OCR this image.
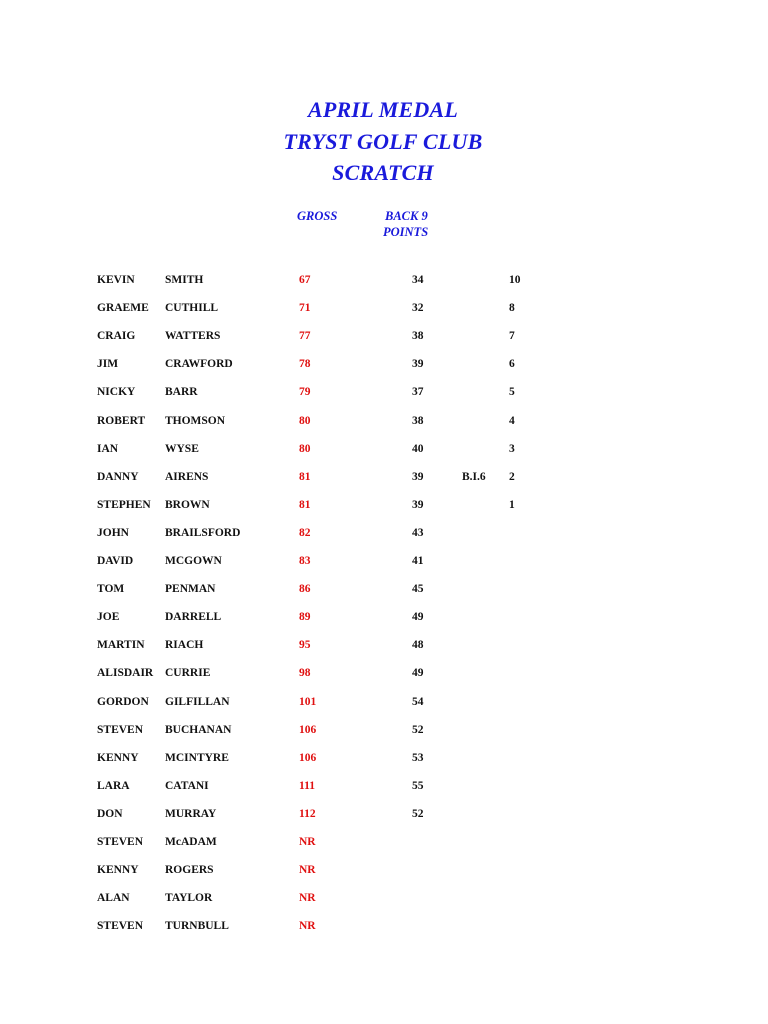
APRIL MEDAL
TRYST GOLF CLUB
SCRATCH
GROSS	BACK 9
POINTS
KEVIN	SMITH	67	34	10
GRAEME CUTHILL	71	32	8
CRAIG	WATTERS	77	38	7
JIM	CRAWFORD	78	39	6
NICKY	BARR	79	37	5
ROBERT THOMSON	80	38	4
IAN	WYSE	80	40	3
DANNY AIRENS	81	39	B.I.6 2
STEPHEN BROWN	81	39	1
JOHN	BRAILSFORD	82	43
DAVID	MCGOWN	83	41
TOM	PENMAN	86	45
JOE	DARRELL	89	49
MARTIN RIACH	95	48
ALISDAIR CURRIE	98	49
GORDON GILFILLAN	101	54
STEVEN BUCHANAN	106	52
KENNY MCINTYRE	106	53
LARA	CATANI	111	55
DON	MURRAY	112	52
STEVEN McADAM	NR
KENNY ROGERS	NR
ALAN	TAYLOR	NR
STEVEN TURNBULL	NR
